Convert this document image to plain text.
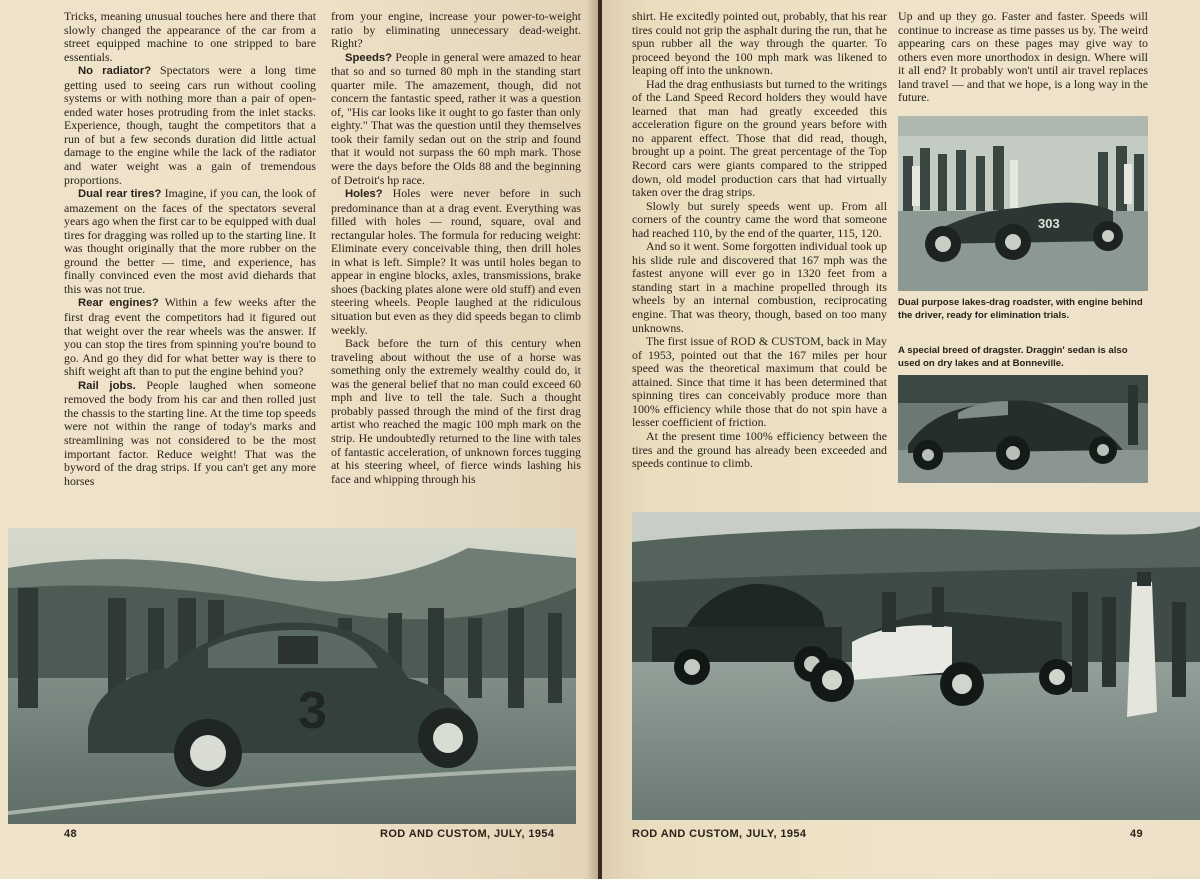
Tricks, meaning unusual touches here and there that slowly changed the appearance of the car from a street equipped machine to one stripped to bare essentials.

No radiator? Spectators were a long time getting used to seeing cars run without cooling systems or with nothing more than a pair of open-ended water hoses protruding from the inlet stacks. Experience, though, taught the competitors that a run of but a few seconds duration did little actual damage to the engine while the lack of the radiator and water weight was a gain of tremendous proportions.

Dual rear tires? Imagine, if you can, the look of amazement on the faces of the spectators several years ago when the first car to be equipped with dual tires for dragging was rolled up to the starting line. It was thought originally that the more rubber on the ground the better — time, and experience, has finally convinced even the most avid diehards that this was not true.

Rear engines? Within a few weeks after the first drag event the competitors had it figured out that weight over the rear wheels was the answer. If you can stop the tires from spinning you're bound to go. And go they did for what better way is there to shift weight aft than to put the engine behind you?

Rail jobs. People laughed when someone removed the body from his car and then rolled just the chassis to the starting line. At the time top speeds were not within the range of today's marks and streamlining was not considered to be the most important factor. Reduce weight! That was the byword of the drag strips. If you can't get any more horses

from your engine, increase your power-to-weight ratio by eliminating unnecessary dead-weight. Right?

Speeds? People in general were amazed to hear that so and so turned 80 mph in the standing start quarter mile. The amazement, though, did not concern the fantastic speed, rather it was a question of, "His car looks like it ought to go faster than only eighty." That was the question until they themselves took their family sedan out on the strip and found that it would not surpass the 60 mph mark. Those were the days before the Olds 88 and the beginning of Detroit's hp race.

Holes? Holes were never before in such predominance than at a drag event. Everything was filled with holes — round, square, oval and rectangular holes. The formula for reducing weight: Eliminate every conceivable thing, then drill holes in what is left. Simple? It was until holes began to appear in engine blocks, axles, transmissions, brake shoes (backing plates alone were old stuff) and even steering wheels. People laughed at the ridiculous situation but even as they did speeds began to climb weekly.

Back before the turn of this century when traveling about without the use of a horse was something only the extremely wealthy could do, it was the general belief that no man could exceed 60 mph and live to tell the tale. Such a thought probably passed through the mind of the first drag artist who reached the magic 100 mph mark on the strip. He undoubtedly returned to the line with tales of fantastic acceleration, of unknown forces tugging at his steering wheel, of fierce winds lashing his face and whipping through his

3
48	ROD AND CUSTOM, JULY, 1954

shirt. He excitedly pointed out, probably, that his rear tires could not grip the asphalt during the run, that he spun rubber all the way through the quarter. To proceed beyond the 100 mph mark was likened to leaping off into the unknown.

Had the drag enthusiasts but turned to the writings of the Land Speed Record holders they would have learned that man had greatly exceeded this acceleration figure on the ground years before with no apparent effect. Those that did read, though, brought up a point. The great percentage of the Top Record cars were giants compared to the stripped down, old model production cars that had virtually taken over the drag strips.

Slowly but surely speeds went up. From all corners of the country came the word that someone had reached 110, by the end of the quarter, 115, 120.

And so it went. Some forgotten individual took up his slide rule and discovered that 167 mph was the fastest anyone will ever go in 1320 feet from a standing start in a machine propelled through its wheels by an internal combustion, reciprocating engine. That was theory, though, based on too many unknowns.

The first issue of ROD & CUSTOM, back in May of 1953, pointed out that the 167 miles per hour speed was the theoretical maximum that could be attained. Since that time it has been determined that spinning tires can conceivably produce more than 100% efficiency while those that do not spin have a lesser coefficient of friction.

At the present time 100% efficiency between the tires and the ground has already been exceeded and speeds continue to climb.

Up and up they go. Faster and faster. Speeds will continue to increase as time passes us by. The weird appearing cars on these pages may give way to others even more unorthodox in design. Where will it all end? It probably won't until air travel replaces land travel — and that we hope, is a long way in the future.

303
Dual purpose lakes-drag roadster, with engine behind the driver, ready for elimination trials.
A special breed of dragster. Draggin' sedan is also used on dry lakes and at Bonneville.
ROD AND CUSTOM, JULY, 1954	49
